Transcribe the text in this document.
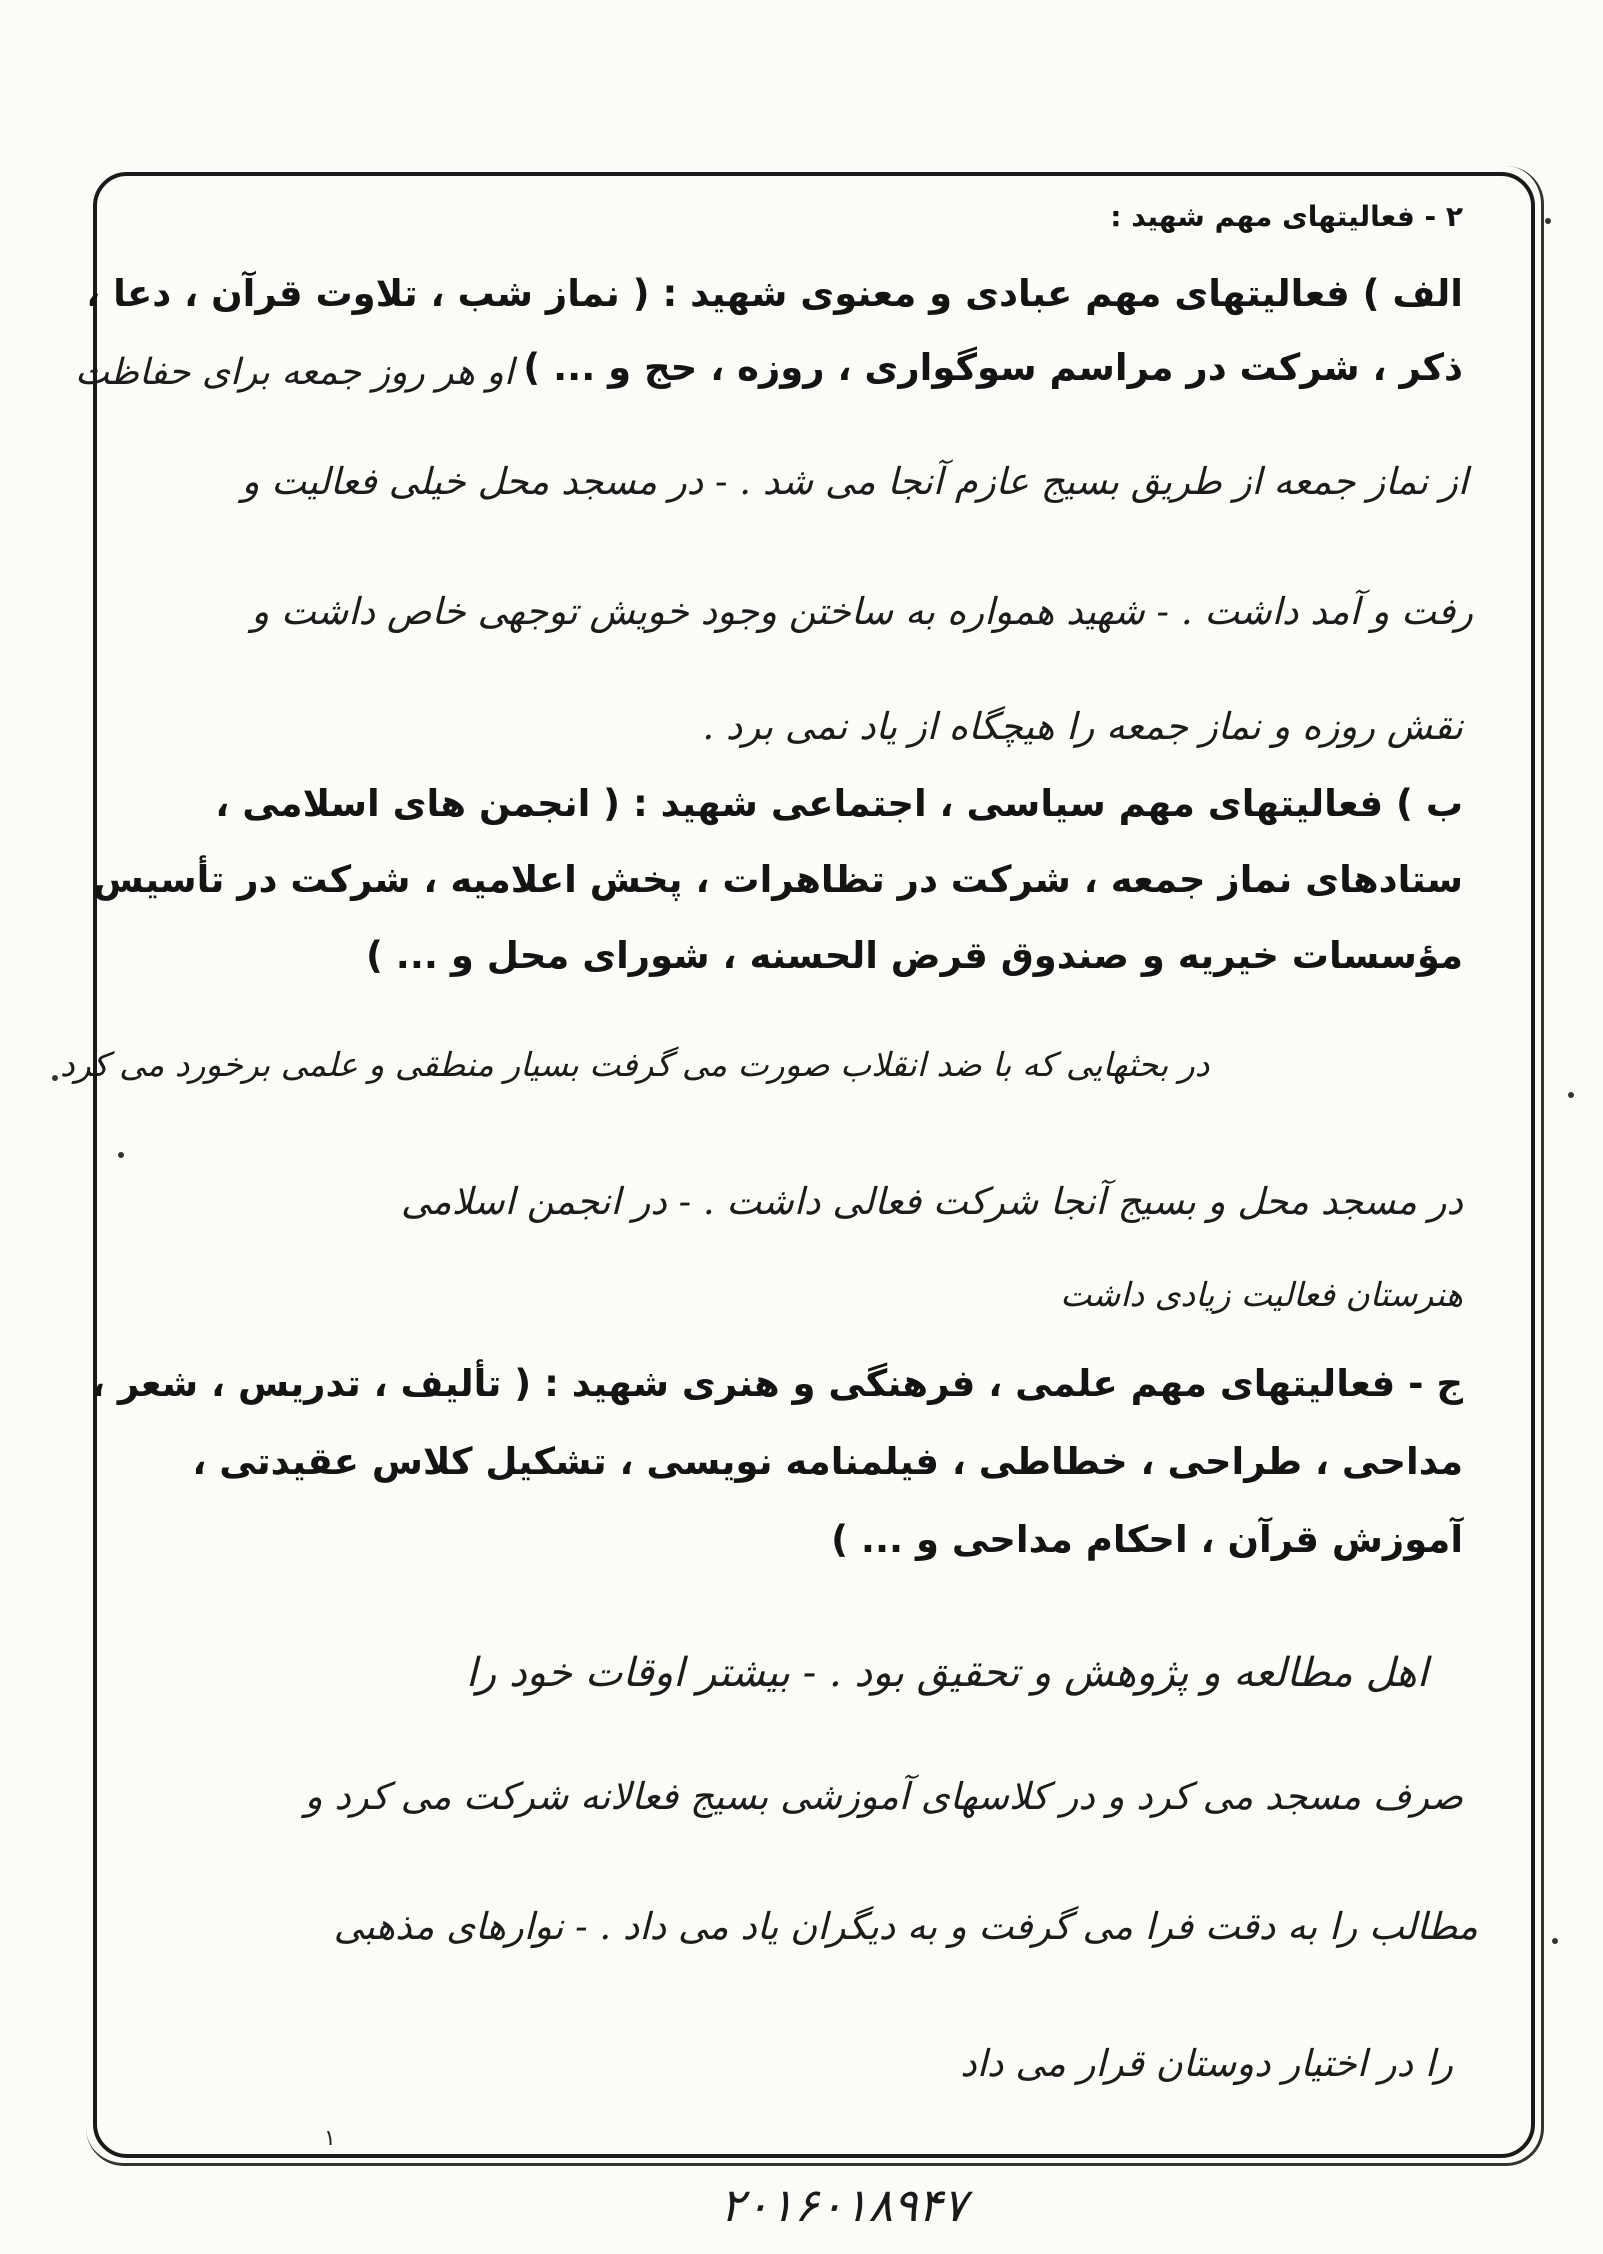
۲ - فعالیتهای مهم شهید :
الف ) فعالیتهای مهم عبادی و معنوی شهید : ( نماز شب ، تلاوت قرآن ، دعا ،
ذکر ، شرکت در مراسم سوگواری ، روزه ، حج و ... )
او هر روز جمعه برای حفاظت
از نماز جمعه از طریق بسیج عازم آنجا می شد . - در مسجد محل خیلی فعالیت و
رفت و آمد داشت . - شهید همواره به ساختن وجود خویش توجهی خاص داشت و
نقش روزه و نماز جمعه را هیچگاه از یاد نمی برد .
ب ) فعالیتهای مهم سیاسی ، اجتماعی شهید : ( انجمن های اسلامی ،
ستادهای نماز جمعه ، شرکت در تظاهرات ، پخش اعلامیه ، شرکت در تأسیس
مؤسسات خیریه و صندوق قرض الحسنه ، شورای محل و ... )
در بحثهایی که با ضد انقلاب صورت می گرفت بسیار منطقی و علمی برخورد می کرد
در مسجد محل و بسیج آنجا شرکت فعالی داشت . - در انجمن اسلامی
هنرستان فعالیت زیادی داشت
ج - فعالیتهای مهم علمی ، فرهنگی و هنری شهید : ( تألیف ، تدریس ، شعر ،
مداحی ، طراحی ، خطاطی ، فیلمنامه نویسی ، تشکیل کلاس عقیدتی ،
آموزش قرآن ، احکام مداحی و ... )
اهل مطالعه و پژوهش و تحقیق بود . - بیشتر اوقات خود را
صرف مسجد می کرد و در کلاسهای آموزشی بسیج فعالانه شرکت می کرد و
مطالب را به دقت فرا می گرفت و به دیگران یاد می داد . - نوارهای مذهبی
را در اختیار دوستان قرار می داد
۱
۲۰۱۶۰۱۸۹۴۷
